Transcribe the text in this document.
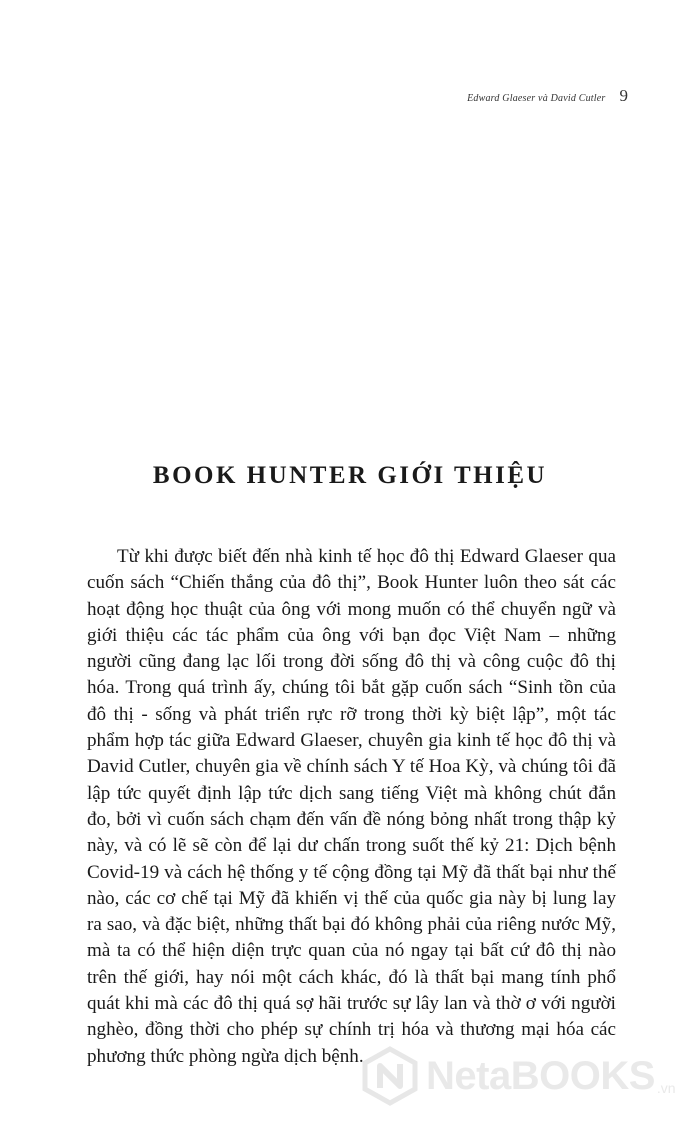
Edward Glaeser và David Cutler 9
BOOK HUNTER GIỚI THIỆU

Từ khi được biết đến nhà kinh tế học đô thị Edward Glaeser qua cuốn sách “Chiến thắng của đô thị”, Book Hunter luôn theo sát các hoạt động học thuật của ông với mong muốn có thể chuyển ngữ và giới thiệu các tác phẩm của ông với bạn đọc Việt Nam – những người cũng đang lạc lối trong đời sống đô thị và công cuộc đô thị hóa. Trong quá trình ấy, chúng tôi bắt gặp cuốn sách “Sinh tồn của đô thị - sống và phát triển rực rỡ trong thời kỳ biệt lập”, một tác phẩm hợp tác giữa Edward Glaeser, chuyên gia kinh tế học đô thị và David Cutler, chuyên gia về chính sách Y tế Hoa Kỳ, và chúng tôi đã lập tức quyết định lập tức dịch sang tiếng Việt mà không chút đắn đo, bởi vì cuốn sách chạm đến vấn đề nóng bỏng nhất trong thập kỷ này, và có lẽ sẽ còn để lại dư chấn trong suốt thế kỷ 21: Dịch bệnh Covid-19 và cách hệ thống y tế cộng đồng tại Mỹ đã thất bại như thế nào, các cơ chế tại Mỹ đã khiến vị thế của quốc gia này bị lung lay ra sao, và đặc biệt, những thất bại đó không phải của riêng nước Mỹ, mà ta có thể hiện diện trực quan của nó ngay tại bất cứ đô thị nào trên thế giới, hay nói một cách khác, đó là thất bại mang tính phổ quát khi mà các đô thị quá sợ hãi trước sự lây lan và thờ ơ với người nghèo, đồng thời cho phép sự chính trị hóa và thương mại hóa các phương thức phòng ngừa dịch bệnh.	NetaBOOKS .vn
